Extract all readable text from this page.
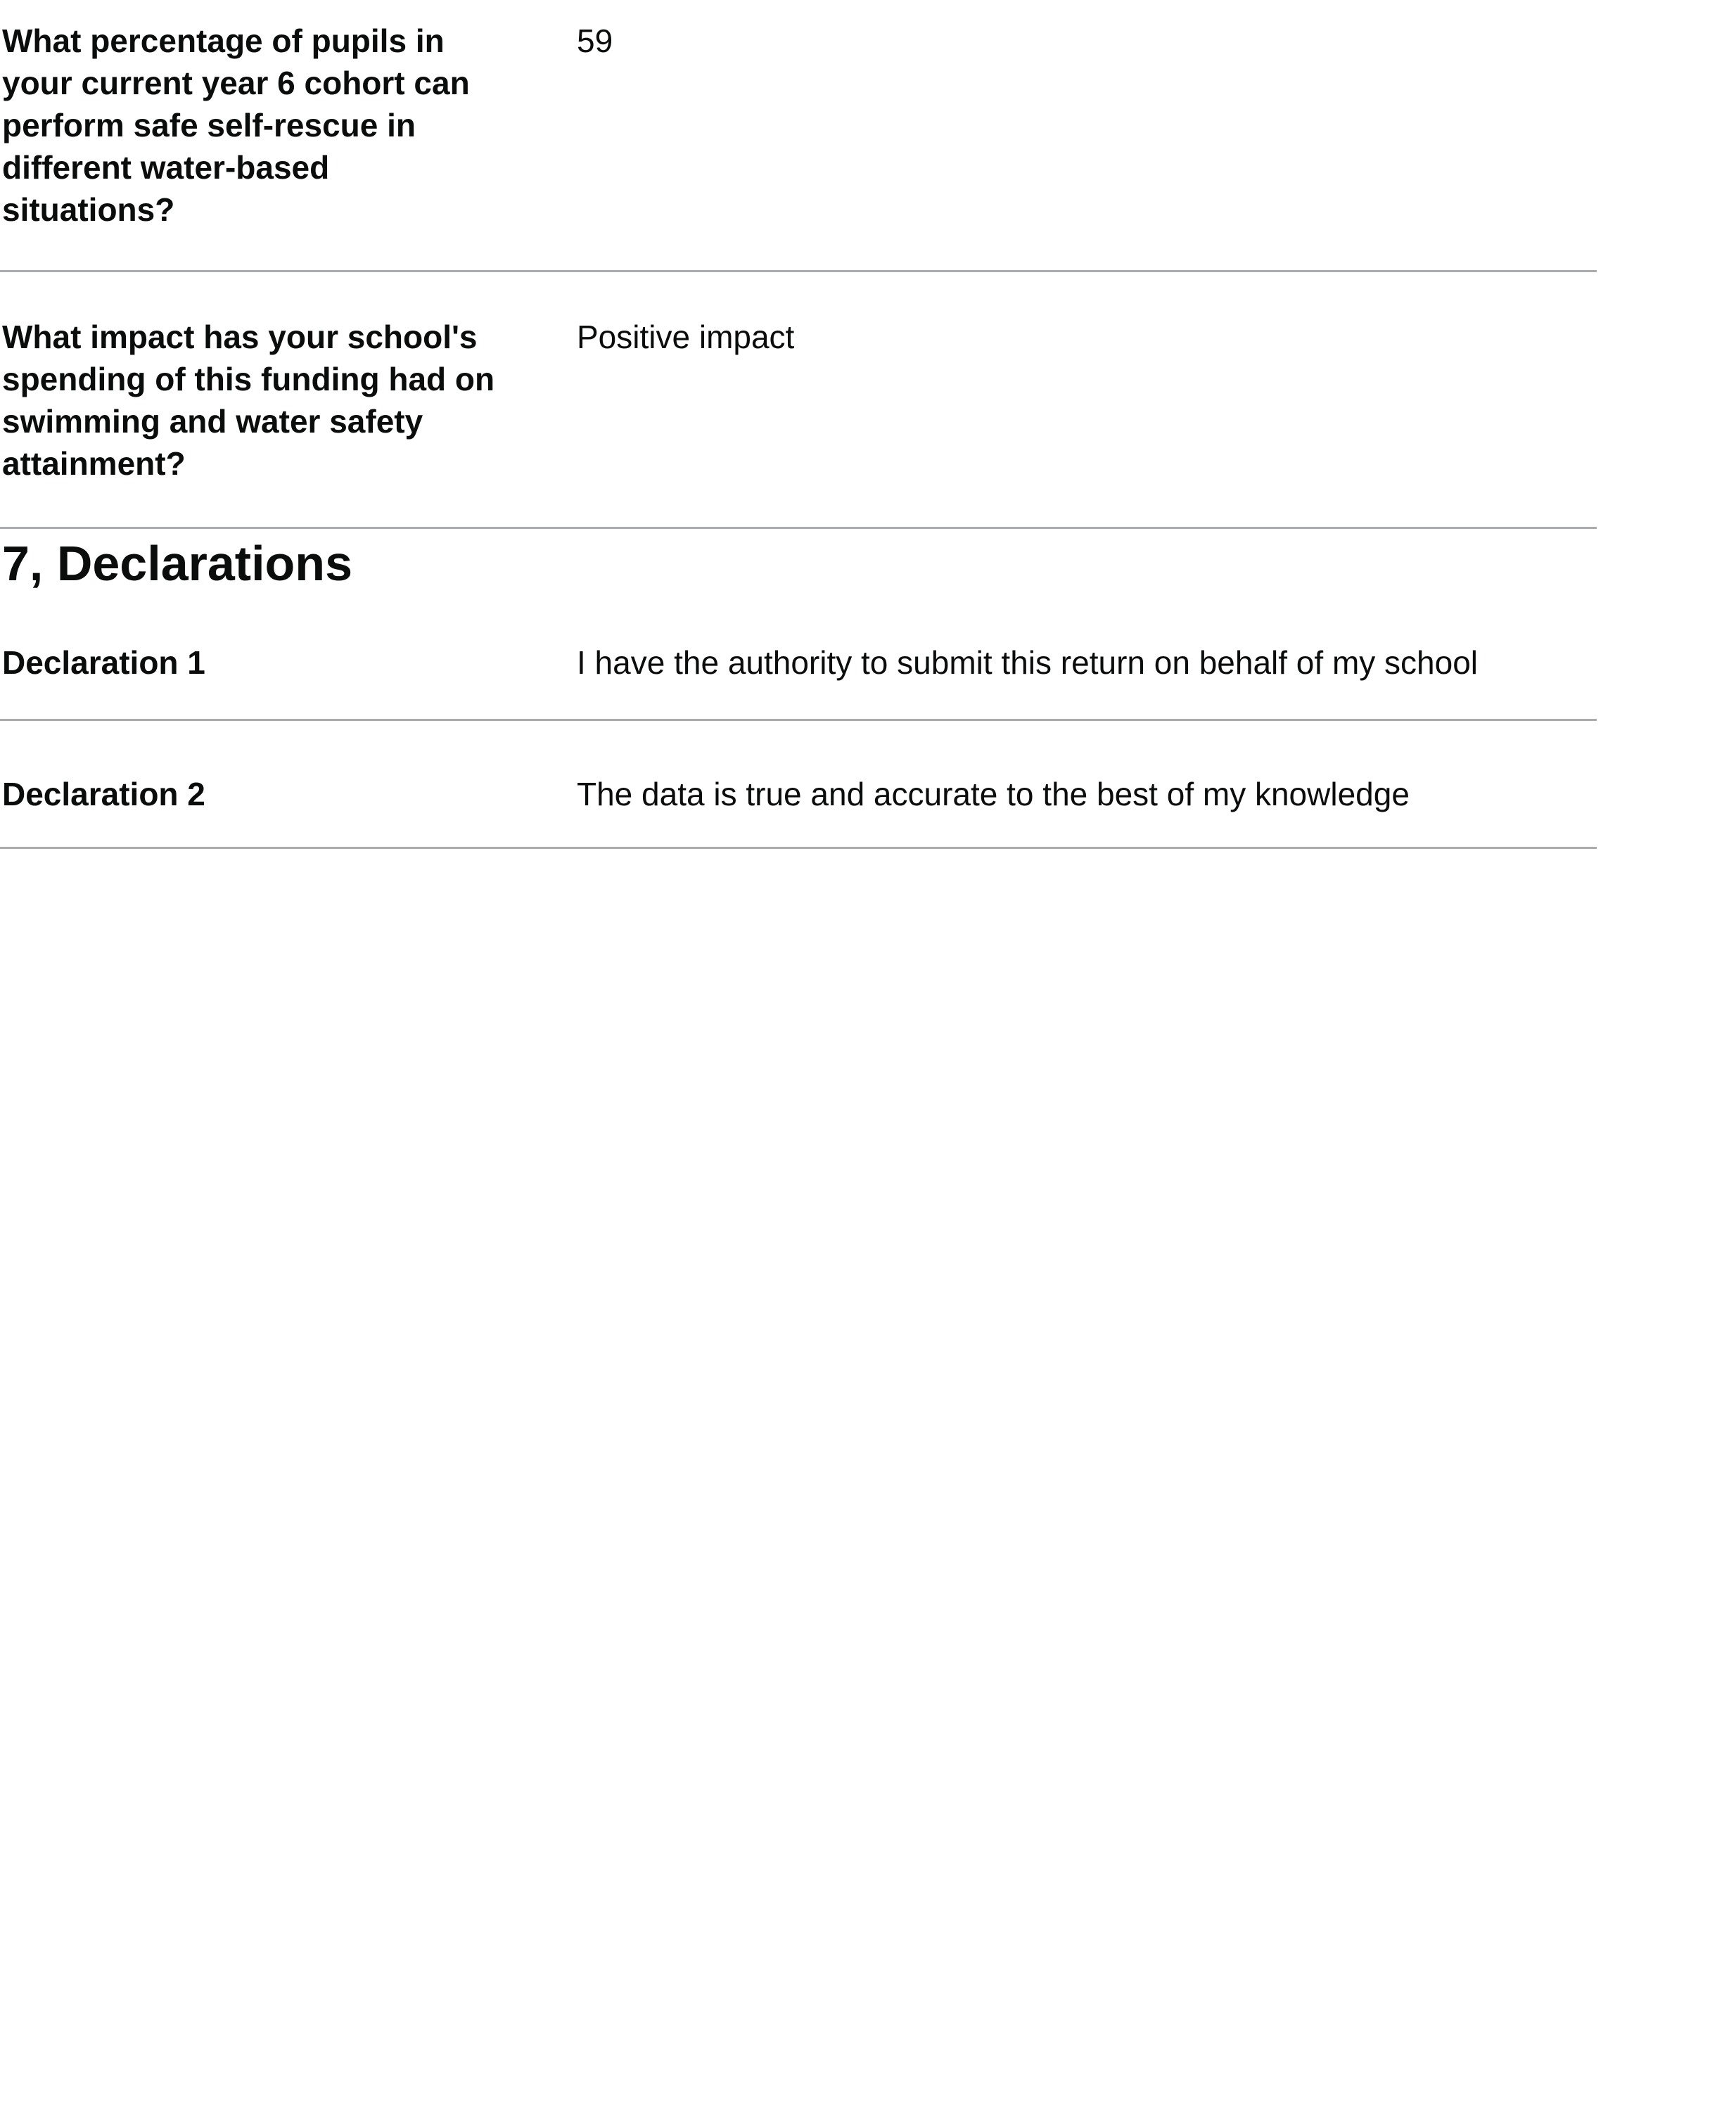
What percentage of pupils in your current year 6 cohort can perform safe self-rescue in different water-based situations?
59
What impact has your school's spending of this funding had on swimming and water safety attainment?
Positive impact
7, Declarations
Declaration 1	I have the authority to submit this return on behalf of my school
Declaration 2	The data is true and accurate to the best of my knowledge
